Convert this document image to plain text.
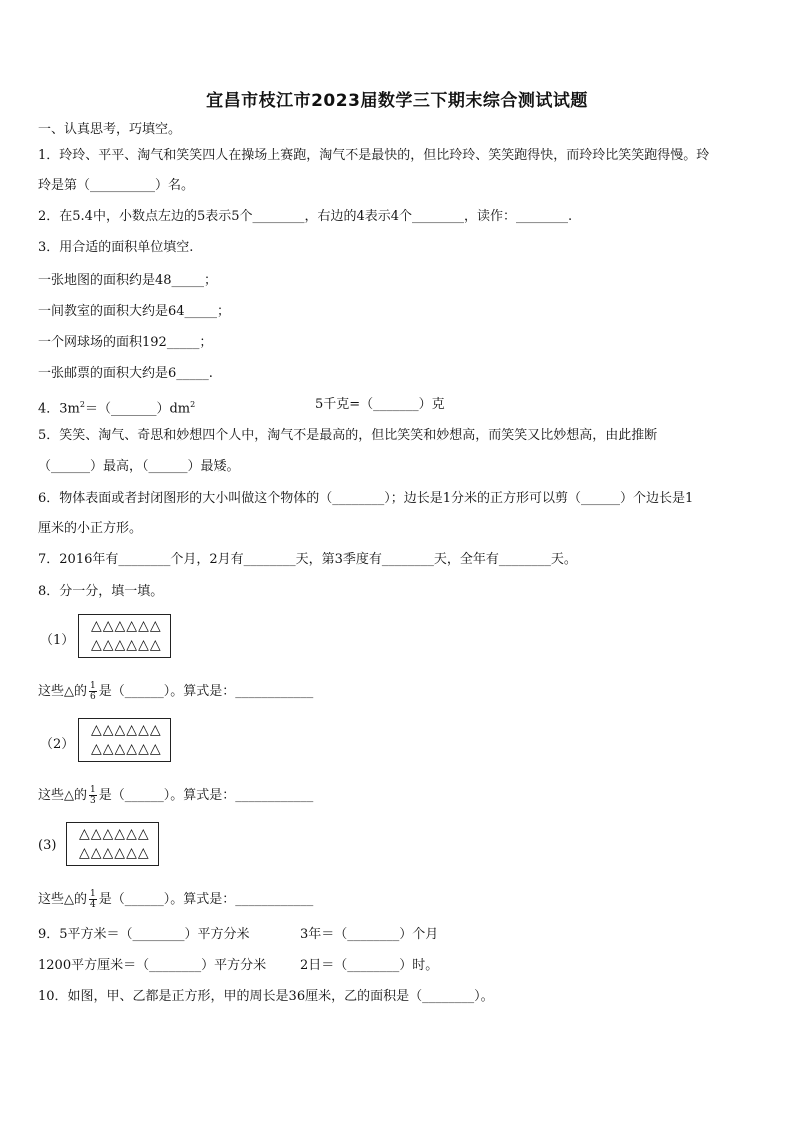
宜昌市枝江市2023届数学三下期末综合测试试题
一、认真思考，巧填空。
1．玲玲、平平、淘气和笑笑四人在操场上赛跑，淘气不是最快的，但比玲玲、笑笑跑得快，而玲玲比笑笑跑得慢。玲
玲是第（__________）名。
2．在5.4中，小数点左边的5表示5个________，右边的4表示4个________，读作：________.
3．用合适的面积单位填空.
一张地图的面积约是48_____；
一间教室的面积大约是64_____；
一个网球场的面积192_____；
一张邮票的面积大约是6_____.
4．$3m^2=(\_\_\_\_\_\_\_)dm^2$	5千克=（_______）克
5．笑笑、淘气、奇思和妙想四个人中，淘气不是最高的，但比笑笑和妙想高，而笑笑又比妙想高，由此推断
（______）最高，（______）最矮。
6．物体表面或者封闭图形的大小叫做这个物体的（________）；边长是1分米的正方形可以剪（______）个边长是1
厘米的小正方形。
7．2016年有________个月，2月有________天，第3季度有________天，全年有________天。
8．分一分，填一填。
（1）
△△△△△△
△△△△△△
这些△的 $\frac{1}{6}$ 是（______）。算式是：____________
（2）
△△△△△△
△△△△△△
这些△的 $\frac{1}{3}$ 是（______）。算式是：____________
(3)
△△△△△△
△△△△△△
这些△的 $\frac{1}{4}$ 是（______）。算式是：____________
9．5平方米＝（________）平方分米	3年＝（________）个月
1200平方厘米＝（________）平方分米	2日＝（________）时。
10．如图，甲、乙都是正方形，甲的周长是36厘米，乙的面积是（________）。
